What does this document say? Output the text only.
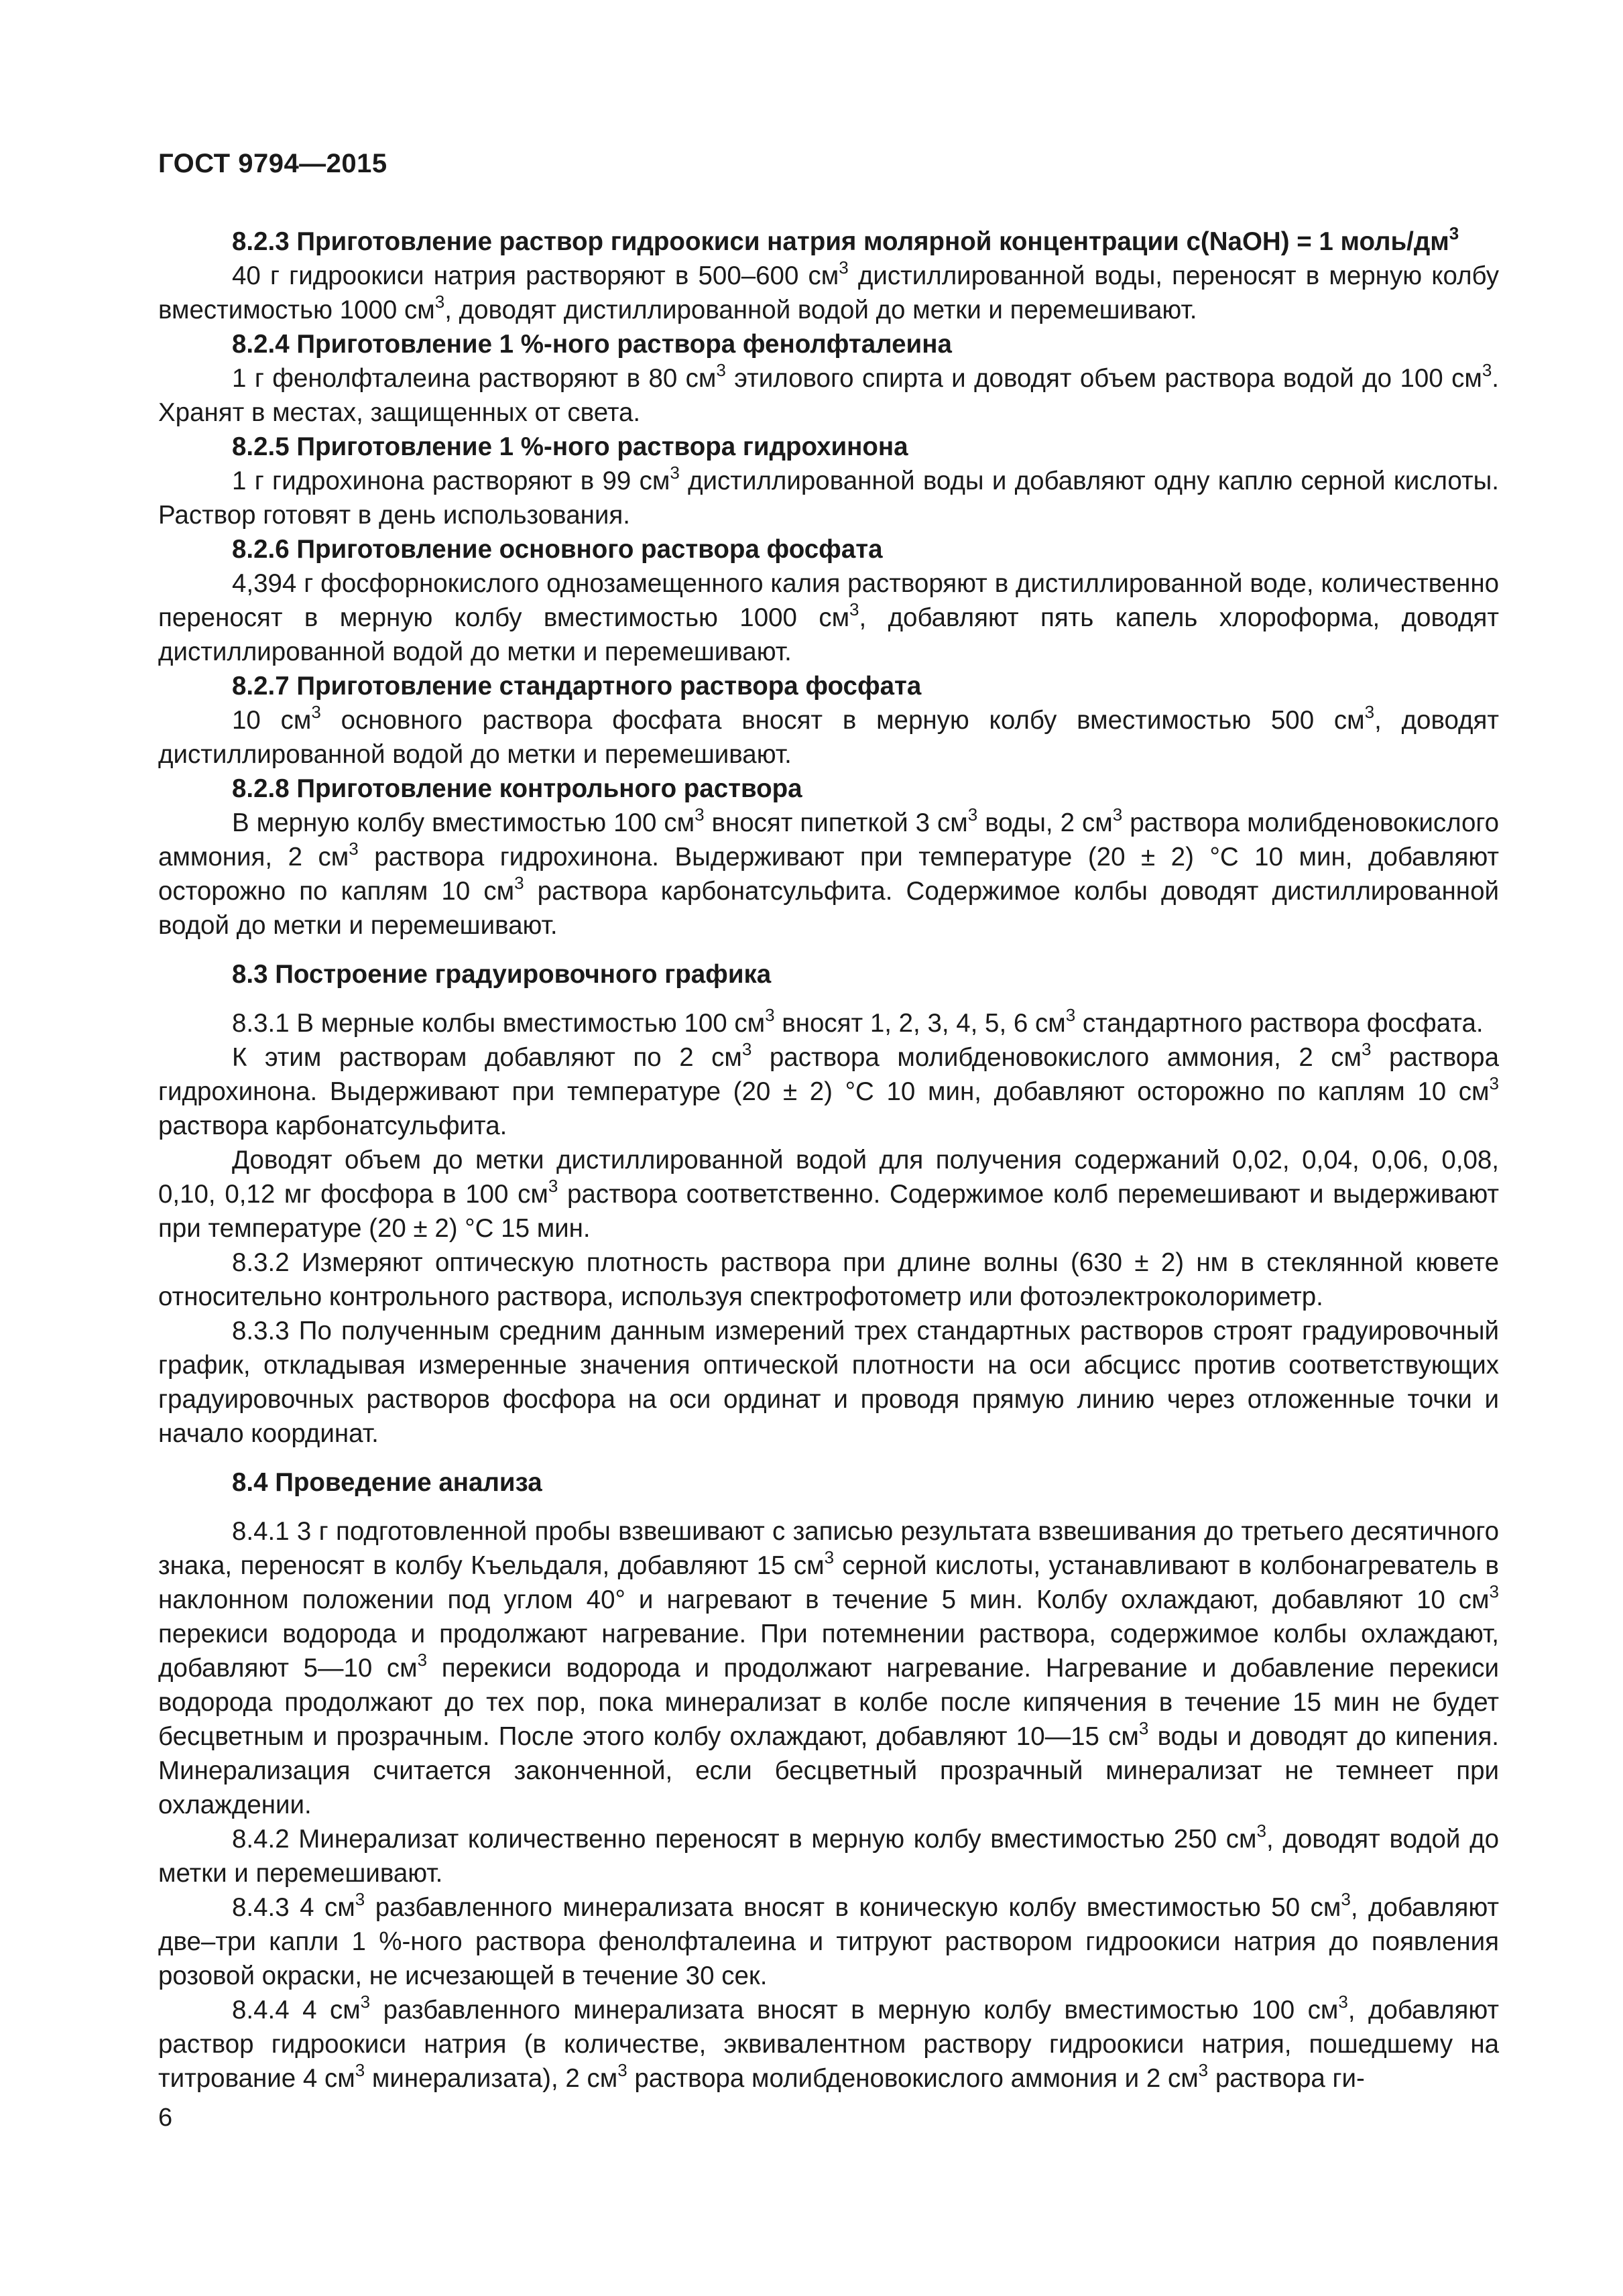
ГОСТ 9794—2015

8.2.3 Приготовление раствор гидроокиси натрия молярной концентрации c(NaOH) = 1 моль/$дм^3$

40 г гидроокиси натрия растворяют в 500–600 $см^3$ дистиллированной воды, переносят в мерную колбу вместимостью 1000 $см^3$, доводят дистиллированной водой до метки и перемешивают.

8.2.4 Приготовление 1 %-ного раствора фенолфталеина

1 г фенолфталеина растворяют в 80 $см^3$ этилового спирта и доводят объем раствора водой до 100 $см^3$. Хранят в местах, защищенных от света.

8.2.5 Приготовление 1 %-ного раствора гидрохинона

1 г гидрохинона растворяют в 99 $см^3$ дистиллированной воды и добавляют одну каплю серной кислоты. Раствор готовят в день использования.

8.2.6 Приготовление основного раствора фосфата

4,394 г фосфорнокислого однозамещенного калия растворяют в дистиллированной воде, количественно переносят в мерную колбу вместимостью 1000 $см^3$, добавляют пять капель хлороформа, доводят дистиллированной водой до метки и перемешивают.

8.2.7 Приготовление стандартного раствора фосфата

10 $см^3$ основного раствора фосфата вносят в мерную колбу вместимостью 500 $см^3$, доводят дистиллированной водой до метки и перемешивают.

8.2.8 Приготовление контрольного раствора

В мерную колбу вместимостью 100 $см^3$ вносят пипеткой 3 $см^3$ воды, 2 $см^3$ раствора молибденовокислого аммония, 2 $см^3$ раствора гидрохинона. Выдерживают при температуре (20 ± 2) °С 10 мин, добавляют осторожно по каплям 10 $см^3$ раствора карбонатсульфита. Содержимое колбы доводят дистиллированной водой до метки и перемешивают.

8.3 Построение градуировочного графика

8.3.1 В мерные колбы вместимостью 100 $см^3$ вносят 1, 2, 3, 4, 5, 6 $см^3$ стандартного раствора фосфата.

К этим растворам добавляют по 2 $см^3$ раствора молибденовокислого аммония, 2 $см^3$ раствора гидрохинона. Выдерживают при температуре (20 ± 2) °С 10 мин, добавляют осторожно по каплям 10 $см^3$ раствора карбонатсульфита.

Доводят объем до метки дистиллированной водой для получения содержаний 0,02, 0,04, 0,06, 0,08, 0,10, 0,12 мг фосфора в 100 $см^3$ раствора соответственно. Содержимое колб перемешивают и выдерживают при температуре (20 ± 2) °С 15 мин.

8.3.2 Измеряют оптическую плотность раствора при длине волны (630 ± 2) нм в стеклянной кювете относительно контрольного раствора, используя спектрофотометр или фотоэлектроколориметр.

8.3.3 По полученным средним данным измерений трех стандартных растворов строят градуировочный график, откладывая измеренные значения оптической плотности на оси абсцисс против соответствующих градуировочных растворов фосфора на оси ординат и проводя прямую линию через отложенные точки и начало координат.

8.4 Проведение анализа

8.4.1 3 г подготовленной пробы взвешивают с записью результата взвешивания до третьего десятичного знака, переносят в колбу Къельдаля, добавляют 15 $см^3$ серной кислоты, устанавливают в колбонагреватель в наклонном положении под углом 40° и нагревают в течение 5 мин. Колбу охлаждают, добавляют 10 $см^3$ перекиси водорода и продолжают нагревание. При потемнении раствора, содержимое колбы охлаждают, добавляют 5—10 $см^3$ перекиси водорода и продолжают нагревание. Нагревание и добавление перекиси водорода продолжают до тех пор, пока минерализат в колбе после кипячения в течение 15 мин не будет бесцветным и прозрачным. После этого колбу охлаждают, добавляют 10—15 $см^3$ воды и доводят до кипения. Минерализация считается законченной, если бесцветный прозрачный минерализат не темнеет при охлаждении.

8.4.2 Минерализат количественно переносят в мерную колбу вместимостью 250 $см^3$, доводят водой до метки и перемешивают.

8.4.3 4 $см^3$ разбавленного минерализата вносят в коническую колбу вместимостью 50 $см^3$, добавляют две–три капли 1 %-ного раствора фенолфталеина и титруют раствором гидроокиси натрия до появления розовой окраски, не исчезающей в течение 30 сек.

8.4.4 4 $см^3$ разбавленного минерализата вносят в мерную колбу вместимостью 100 $см^3$, добавляют раствор гидроокиси натрия (в количестве, эквивалентном раствору гидроокиси натрия, пошедшему на титрование 4 $см^3$ минерализата), 2 $см^3$ раствора молибденовокислого аммония и 2 $см^3$ раствора ги-

6
